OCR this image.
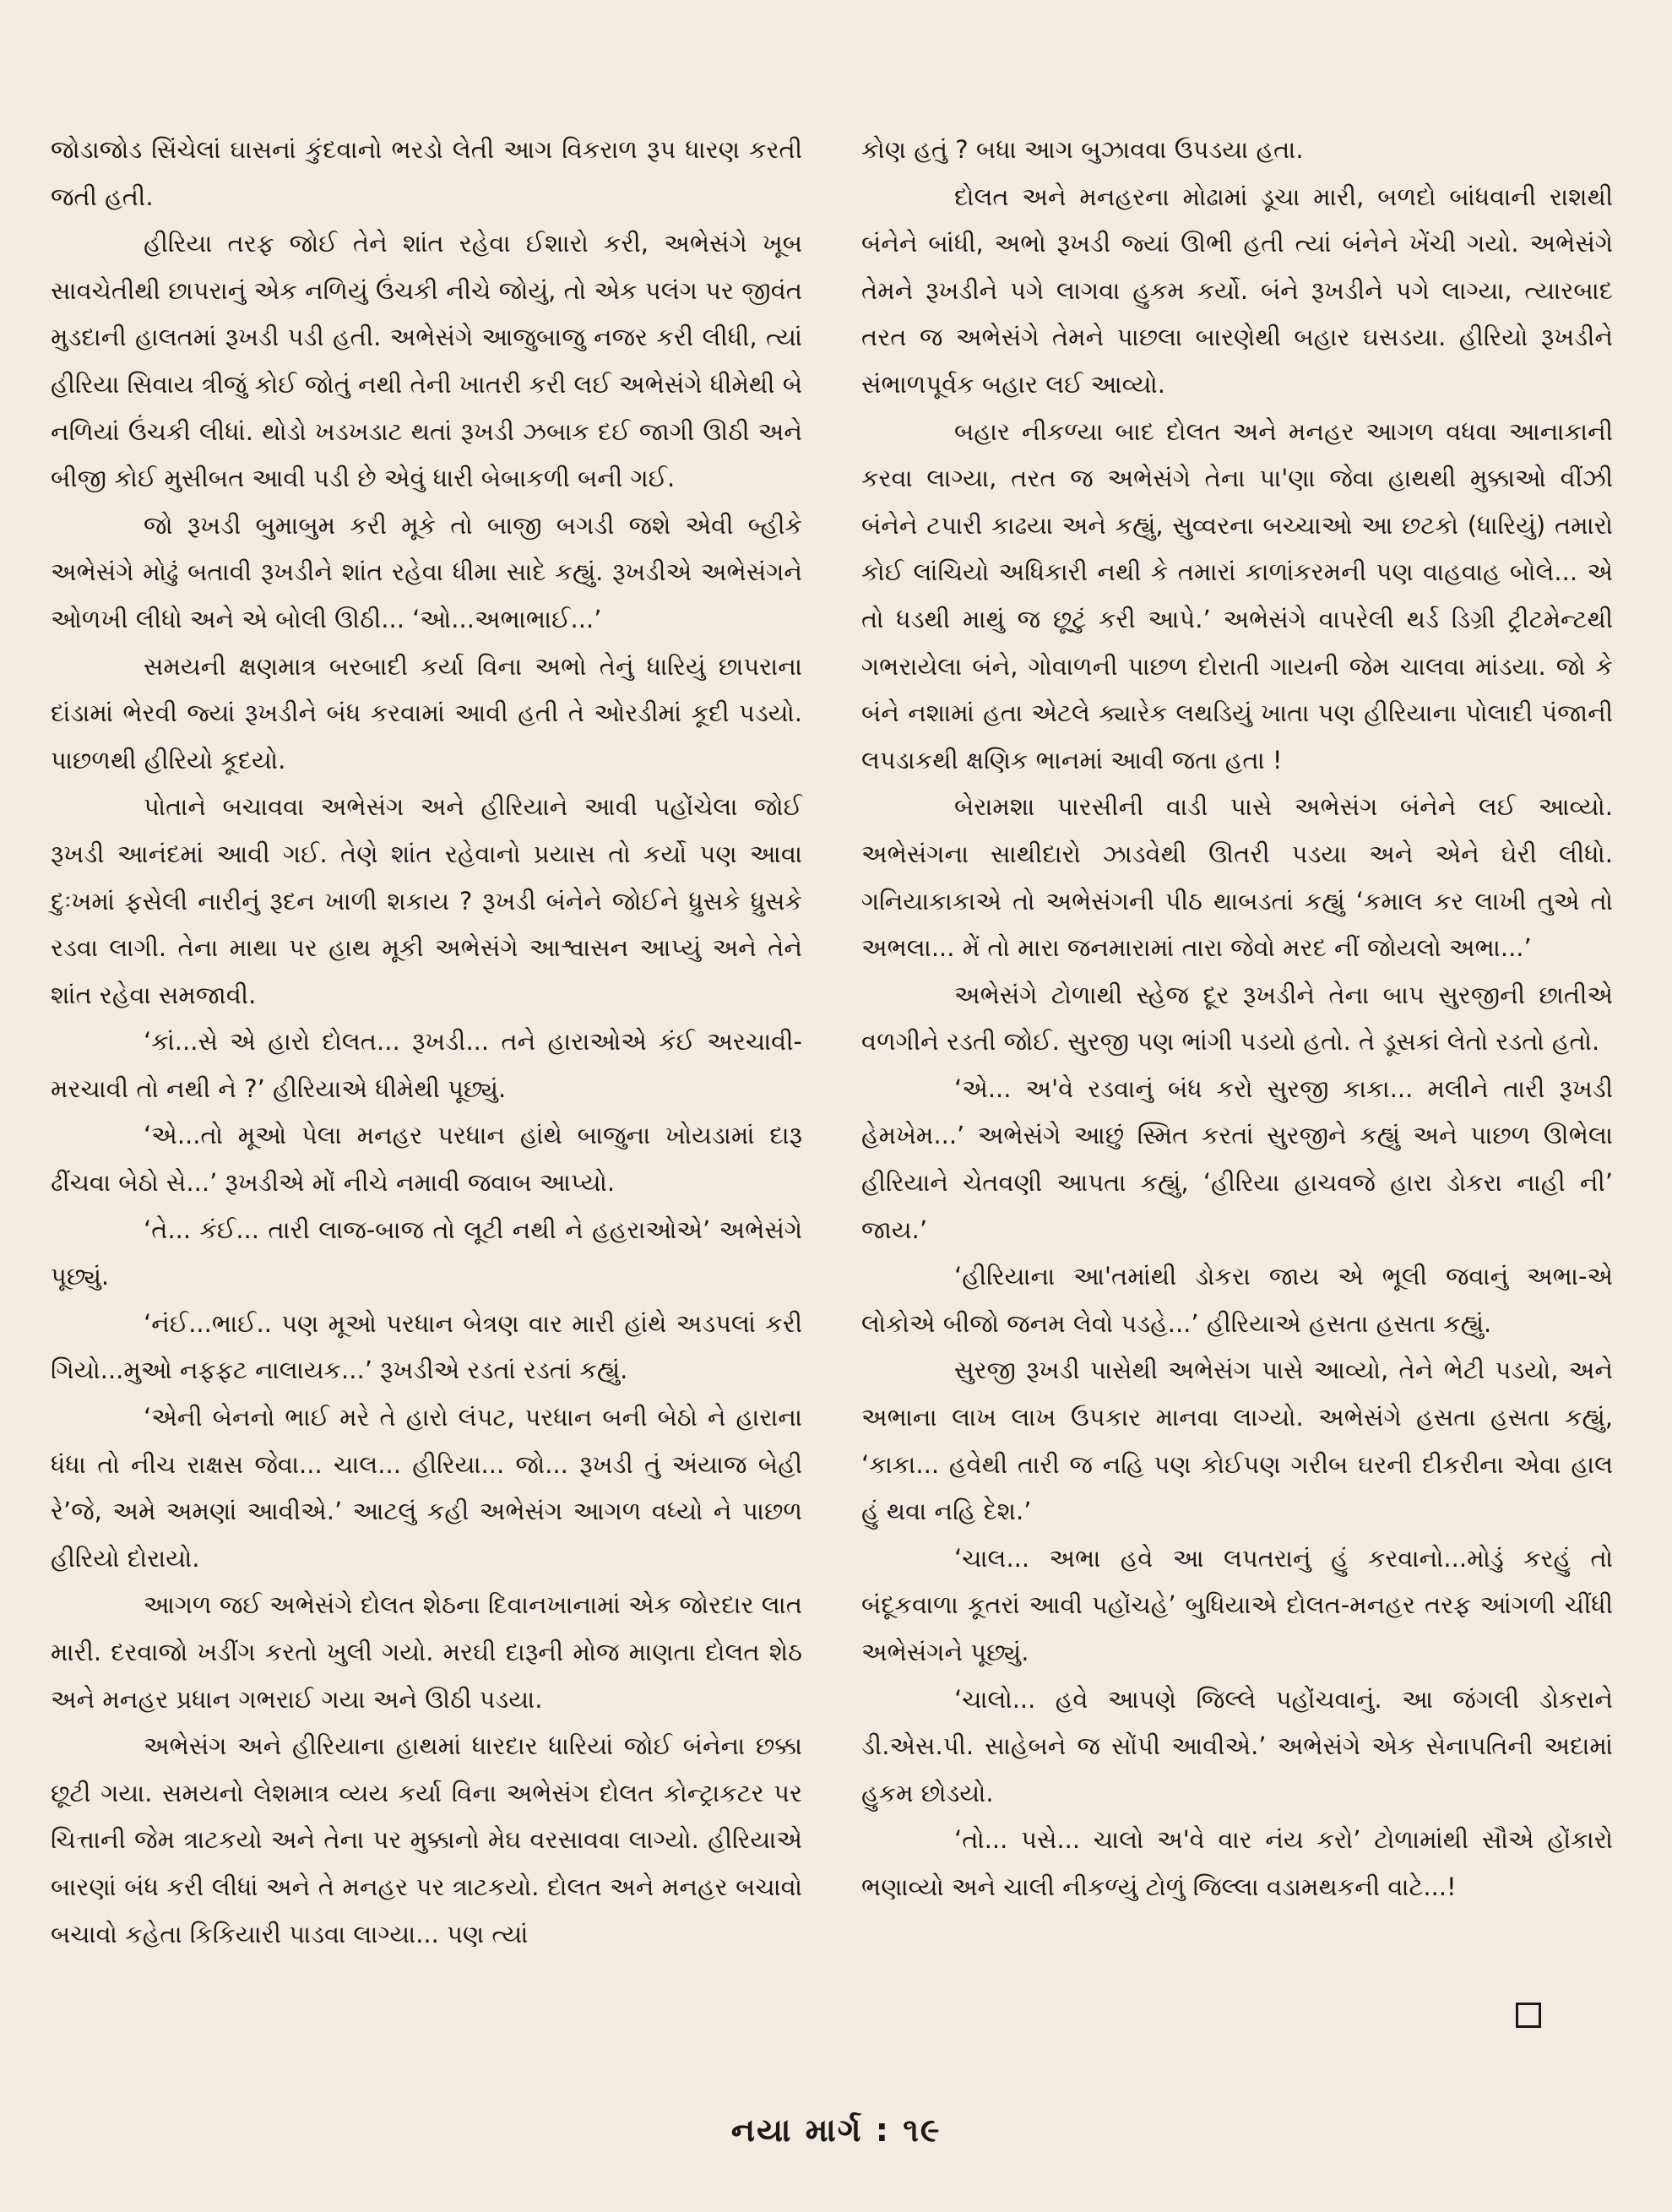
જોડાજોડ સિંચેલાં ઘાસનાં કુંદવાનો ભરડો લેતી આગ વિકરાળ રૂપ ધારણ કરતી જતી હતી.

હીરિયા તરફ જોઈ તેને શાંત રહેવા ઈશારો કરી, અભેસંગે ખૂબ સાવચેતીથી છાપરાનું એક નળિયું ઉંચકી નીચે જોયું, તો એક પલંગ પર જીવંત મુડદાની હાલતમાં રૂખડી પડી હતી. અભેસંગે આજુબાજુ નજર કરી લીધી, ત્યાં હીરિયા સિવાય ત્રીજું કોઈ જોતું નથી તેની ખાતરી કરી લઈ અભેસંગે ધીમેથી બે નળિયાં ઉંચકી લીધાં. થોડો ખડખડાટ થતાં રૂખડી ઝબાક દઈ જાગી ઊઠી અને બીજી કોઈ મુસીબત આવી પડી છે એવું ધારી બેબાકળી બની ગઈ.

જો રૂખડી બુમાબુમ કરી મૂકે તો બાજી બગડી જશે એવી બ્હીકે અભેસંગે મોઢું બતાવી રૂખડીને શાંત રહેવા ધીમા સાદે કહ્યું. રૂખડીએ અભેસંગને ઓળખી લીધો અને એ બોલી ઊઠી... ‘ઓ...અભાભાઈ...’

સમયની ક્ષણમાત્ર બરબાદી કર્યા વિના અભો તેનું ધારિયું છાપરાના દાંડામાં ભેરવી જ્યાં રૂખડીને બંધ કરવામાં આવી હતી તે ઓરડીમાં કૂદી પડયો. પાછળથી હીરિયો કૂદયો.

પોતાને બચાવવા અભેસંગ અને હીરિયાને આવી પહોંચેલા જોઈ રૂખડી આનંદમાં આવી ગઈ. તેણે શાંત રહેવાનો પ્રયાસ તો કર્યો પણ આવા દુઃખમાં ફસેલી નારીનું રૂદન ખાળી શકાય ? રૂખડી બંનેને જોઈને ધ્રુસકે ધ્રુસકે રડવા લાગી. તેના માથા પર હાથ મૂકી અભેસંગે આશ્વાસન આપ્યું અને તેને શાંત રહેવા સમજાવી.

‘કાં...સે એ હારો દોલત... રૂખડી... તને હારાઓએ કંઈ અરચાવી-મરચાવી તો નથી ને ?’ હીરિયાએ ધીમેથી પૂછ્યું.

‘એ...તો મૂઓ પેલા મનહર પરધાન હાંથે બાજુના ખોયડામાં દારૂ ઢીંચવા બેઠો સે...’ રૂખડીએ મોં નીચે નમાવી જવાબ આપ્યો.

‘તે... કંઈ... તારી લાજ-બાજ તો લૂટી નથી ને હહરાઓએ’ અભેસંગે પૂછ્યું.

‘નંઈ...ભાઈ.. પણ મૂઓ પરધાન બેત્રણ વાર મારી હાંથે અડપલાં કરી ગિયો...મુઓ નફફટ નાલાયક...’ રૂખડીએ રડતાં રડતાં કહ્યું.

‘એની બેનનો ભાઈ મરે તે હારો લંપટ, પરધાન બની બેઠો ને હારાના ધંધા તો નીચ રાક્ષસ જેવા... ચાલ... હીરિયા... જો... રૂખડી તું અંયાજ બેહી રે’જે, અમે અમણાં આવીએ.’ આટલું કહી અભેસંગ આગળ વધ્યો ને પાછળ હીરિયો દોરાયો.

આગળ જઈ અભેસંગે દોલત શેઠના દિવાનખાનામાં એક જોરદાર લાત મારી. દરવાજો ખડીંગ કરતો ખુલી ગયો. મરઘી દારૂની મોજ માણતા દોલત શેઠ અને મનહર પ્રધાન ગભરાઈ ગયા અને ઊઠી પડયા.

અભેસંગ અને હીરિયાના હાથમાં ધારદાર ધારિયાં જોઈ બંનેના છક્કા છૂટી ગયા. સમયનો લેશમાત્ર વ્યય કર્યા વિના અભેસંગ દોલત કોન્ટ્રાકટર પર ચિત્તાની જેમ ત્રાટકયો અને તેના પર મુક્કાનો મેઘ વરસાવવા લાગ્યો. હીરિયાએ બારણાં બંધ કરી લીધાં અને તે મનહર પર ત્રાટકયો. દોલત અને મનહર બચાવો બચાવો કહેતા કિકિયારી પાડવા લાગ્યા... પણ ત્યાં

કોણ હતું ? બધા આગ બુઝાવવા ઉપડયા હતા.

દોલત અને મનહરના મોઢામાં ડૂચા મારી, બળદો બાંધવાની રાશથી બંનેને બાંધી, અભો રૂખડી જ્યાં ઊભી હતી ત્યાં બંનેને ખેંચી ગયો. અભેસંગે તેમને રૂખડીને પગે લાગવા હુકમ કર્યો. બંને રૂખડીને પગે લાગ્યા, ત્યારબાદ તરત જ અભેસંગે તેમને પાછલા બારણેથી બહાર ઘસડયા. હીરિયો રૂખડીને સંભાળપૂર્વક બહાર લઈ આવ્યો.

બહાર નીકળ્યા બાદ દોલત અને મનહર આગળ વધવા આનાકાની કરવા લાગ્યા, તરત જ અભેસંગે તેના પા'ણા જેવા હાથથી મુક્કાઓ વીંઝી બંનેને ટપારી કાઢયા અને કહ્યું, સુવ્વરના બચ્ચાઓ આ છટકો (ધારિયું) તમારો કોઈ લાંચિયો અધિકારી નથી કે તમારાં કાળાંકરમની પણ વાહવાહ બોલે... એ તો ધડથી માથું જ છૂટું કરી આપે.’ અભેસંગે વાપરેલી થર્ડ ડિગ્રી ટ્રીટમેન્ટથી ગભરાયેલા બંને, ગોવાળની પાછળ દોરાતી ગાયની જેમ ચાલવા માંડયા. જો કે બંને નશામાં હતા એટલે ક્યારેક લથડિયું ખાતા પણ હીરિયાના પોલાદી પંજાની લપડાકથી ક્ષણિક ભાનમાં આવી જતા હતા !

બેરામશા પારસીની વાડી પાસે અભેસંગ બંનેને લઈ આવ્યો. અભેસંગના સાથીદારો ઝાડવેથી ઊતરી પડયા અને એને ઘેરી લીધો. ગનિયાકાકાએ તો અભેસંગની પીઠ થાબડતાં કહ્યું ‘કમાલ કર લાખી તુએ તો અભલા... મેં તો મારા જનમારામાં તારા જેવો મરદ નીં જોયલો અભા...’

અભેસંગે ટોળાથી સ્હેજ દૂર રૂખડીને તેના બાપ સુરજીની છાતીએ વળગીને રડતી જોઈ. સુરજી પણ ભાંગી પડયો હતો. તે ડૂસકાં લેતો રડતો હતો.

‘એ... અ'વે રડવાનું બંધ કરો સુરજી કાકા... મલીને તારી રૂખડી હેમખેમ...’ અભેસંગે આછું સ્મિત કરતાં સુરજીને કહ્યું અને પાછળ ઊભેલા હીરિયાને ચેતવણી આપતા કહ્યું, ‘હીરિયા હાચવજે હારા ડોકરા નાહી ની’ જાય.’

‘હીરિયાના આ'તમાંથી ડોકરા જાય એ ભૂલી જવાનું અભા-એ લોકોએ બીજો જનમ લેવો પડહે...’ હીરિયાએ હસતા હસતા કહ્યું.

સુરજી રૂખડી પાસેથી અભેસંગ પાસે આવ્યો, તેને ભેટી પડયો, અને અભાના લાખ લાખ ઉપકાર માનવા લાગ્યો. અભેસંગે હસતા હસતા કહ્યું, ‘કાકા... હવેથી તારી જ નહિ પણ કોઈપણ ગરીબ ઘરની દીકરીના એવા હાલ હું થવા નહિ દેશ.’

‘ચાલ... અભા હવે આ લપતરાનું હું કરવાનો...મોડું કરહું તો બંદૂકવાળા કૂતરાં આવી પહોંચહે’ બુધિયાએ દોલત-મનહર તરફ આંગળી ચીંધી અભેસંગને પૂછ્યું.

‘ચાલો... હવે આપણે જિલ્લે પહોંચવાનું. આ જંગલી ડોકરાને ડી.એસ.પી. સાહેબને જ સોંપી આવીએ.’ અભેસંગે એક સેનાપતિની અદામાં હુકમ છોડયો.

‘તો... પસે... ચાલો અ'વે વાર નંય કરો’ ટોળામાંથી સૌએ હોંકારો ભણાવ્યો અને ચાલી નીકળ્યું ટોળું જિલ્લા વડામથકની વાટે...!

નયા માર્ગ : ૧૯
